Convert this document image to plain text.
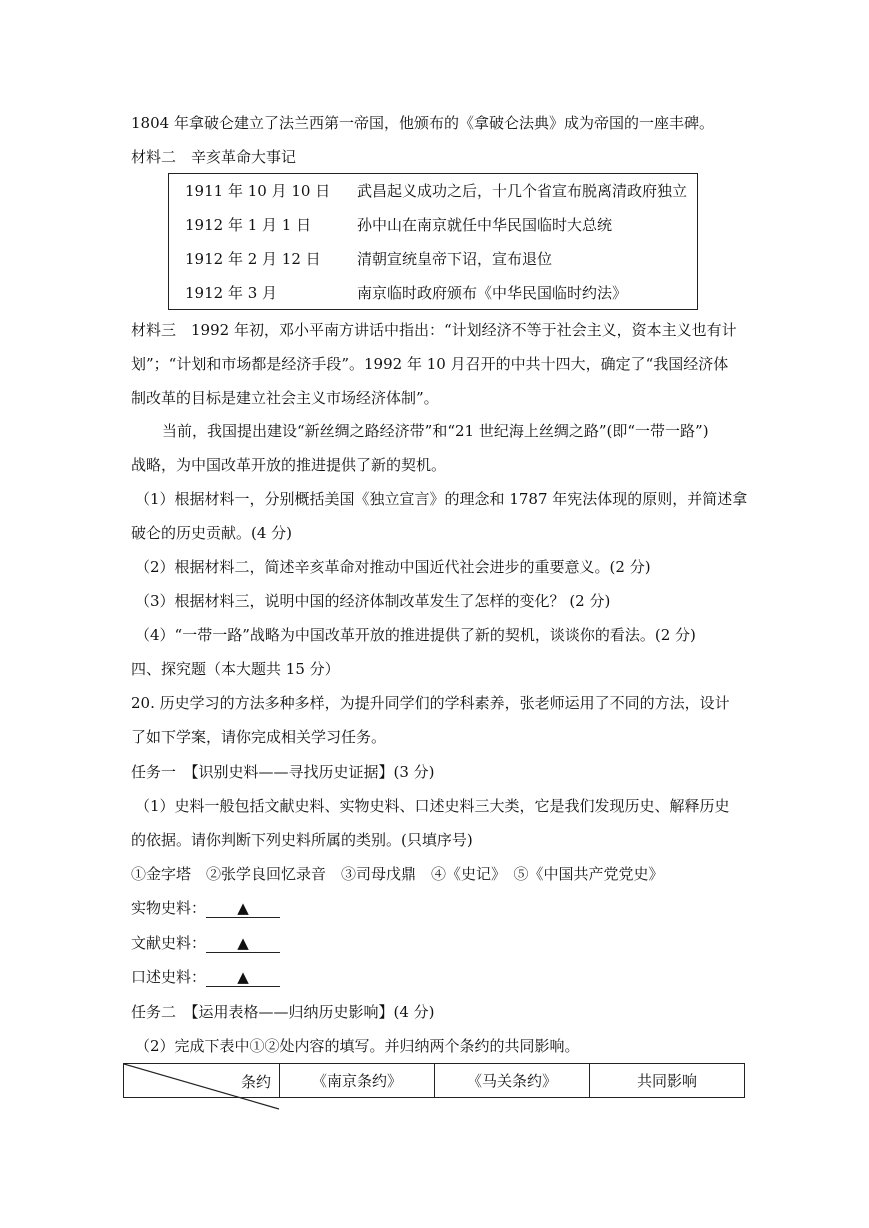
1804 年拿破仑建立了法兰西第一帝国，他颁布的《拿破仑法典》成为帝国的一座丰碑。
材料二　辛亥革命大事记
1911 年 10 月 10 日 武昌起义成功之后，十几个省宣布脱离清政府独立
1912 年 1 月 1 日	孙中山在南京就任中华民国临时大总统
1912 年 2 月 12 日 清朝宣统皇帝下诏，宣布退位
1912 年 3 月	南京临时政府颁布《中华民国临时约法》
材料三　1992 年初，邓小平南方讲话中指出：“计划经济不等于社会主义，资本主义也有计
划”；“计划和市场都是经济手段”。1992 年 10 月召开的中共十四大，确定了“我国经济体
制改革的目标是建立社会主义市场经济体制”。
当前，我国提出建设“新丝绸之路经济带”和“21 世纪海上丝绸之路”(即“一带一路”)
战略，为中国改革开放的推进提供了新的契机。
（1）根据材料一，分别概括美国《独立宣言》的理念和 1787 年宪法体现的原则，并简述拿
破仑的历史贡献。(4 分)
（2）根据材料二，简述辛亥革命对推动中国近代社会进步的重要意义。(2 分)
（3）根据材料三，说明中国的经济体制改革发生了怎样的变化？ (2 分)
（4）“一带一路”战略为中国改革开放的推进提供了新的契机，谈谈你的看法。(2 分)
四、探究题（本大题共 15 分）
20. 历史学习的方法多种多样，为提升同学们的学科素养，张老师运用了不同的方法，设计
了如下学案，请你完成相关学习任务。
任务一　【识别史料——寻找历史证据】(3 分)
（1）史料一般包括文献史料、实物史料、口述史料三大类，它是我们发现历史、解释历史
的依据。请你判断下列史料所属的类别。(只填序号)
①金字塔　②张学良回忆录音　③司母戊鼎　④《史记》　⑤《中国共产党党史》
实物史料： ▲
文献史料： ▲
口述史料： ▲
任务二　【运用表格——归纳历史影响】(4 分)
（2）完成下表中①②处内容的填写。并归纳两个条约的共同影响。
条约	《南京条约》	《马关条约》	共同影响
